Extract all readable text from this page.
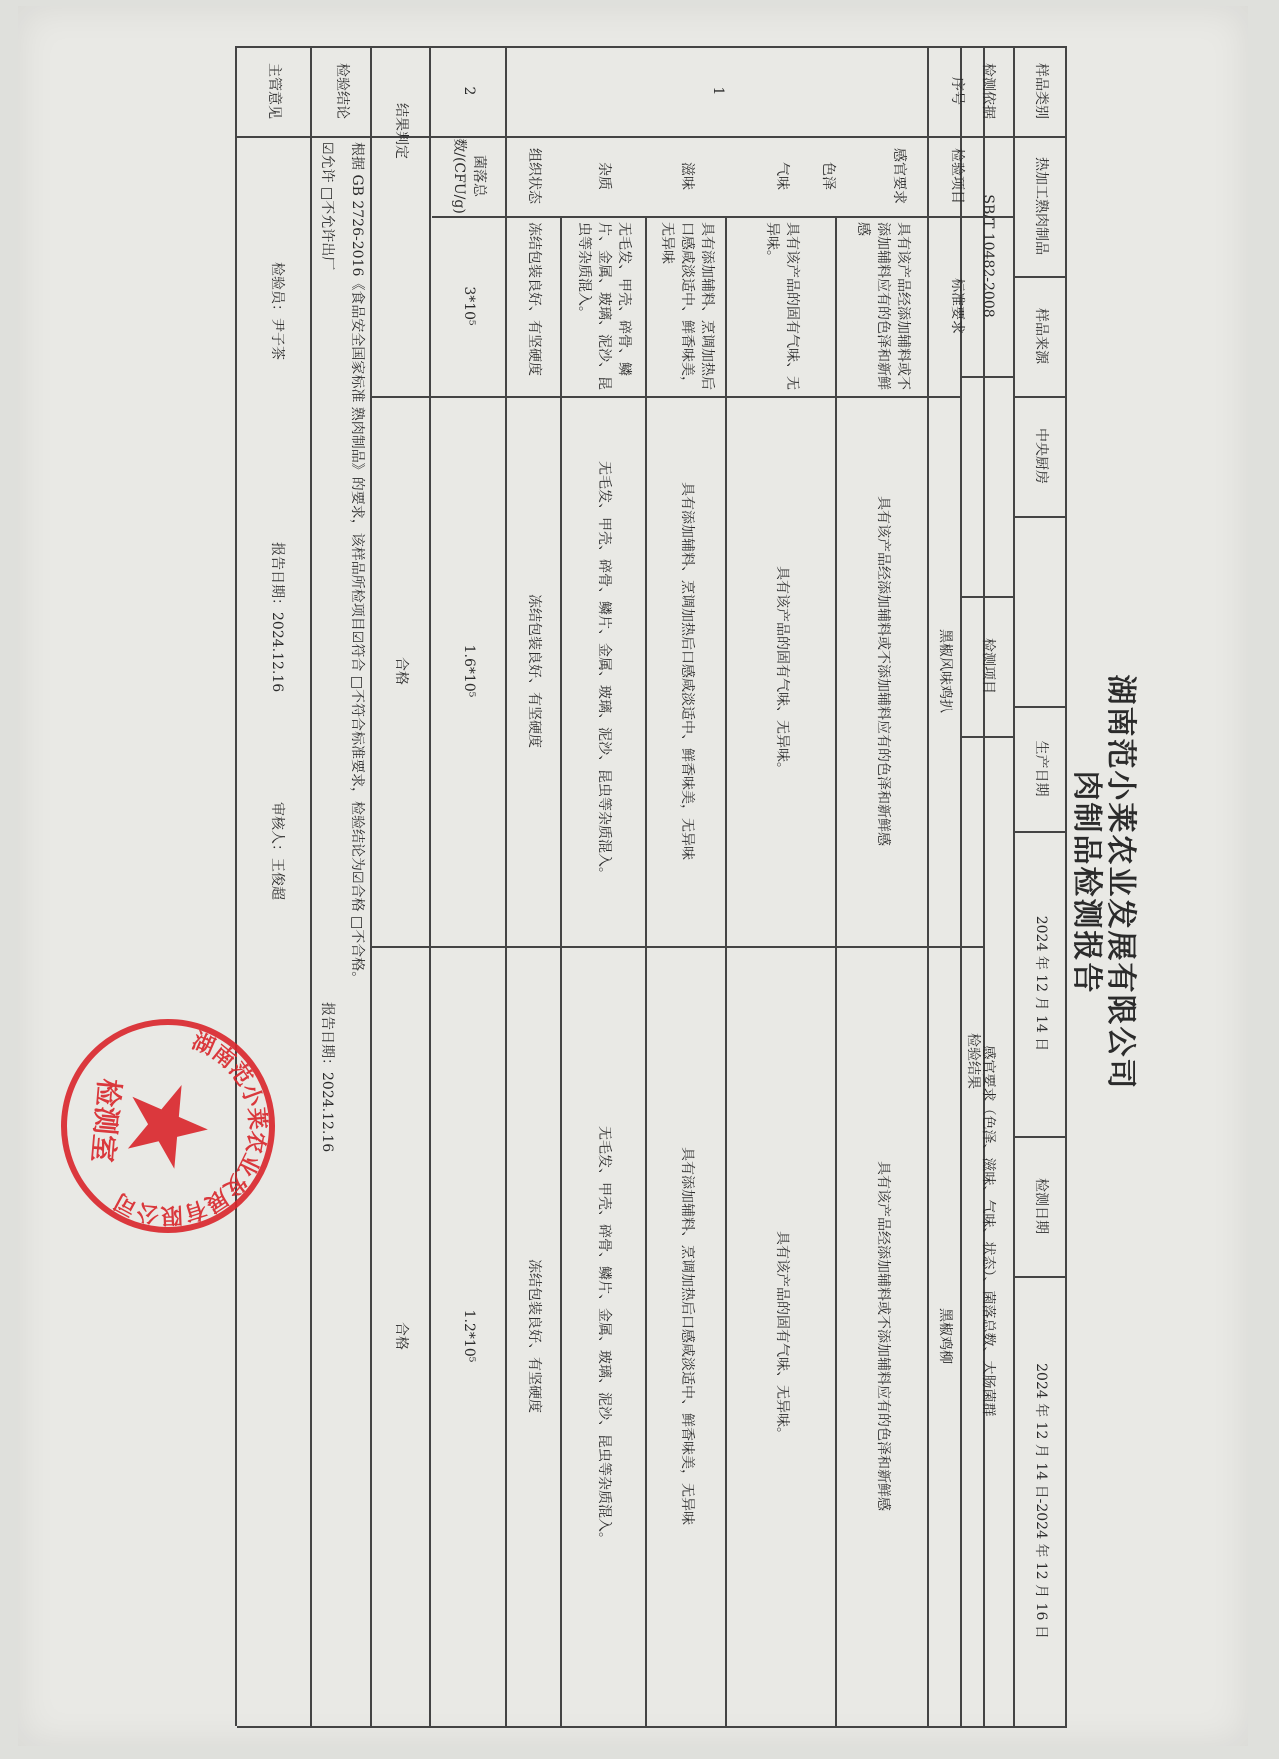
湖南范小莱农业发展有限公司
肉制品检测报告
样品类别
热加工熟肉制品
样品来源
中央厨房
生产日期
2024 年 12 月 14 日
检测日期
2024 年 12 月 14 日-2024 年 12 月 16 日
检测依据
SB/T 10482-2008
检测项目
感官要求（色泽、滋味、气味、状态）、菌落总数、大肠菌群
序号
检验项目
标准要求
检验结果
黑椒风味鸡扒
黑椒鸡柳
1
感官要求
色泽
具有该产品经添加辅料或不添加辅料应有的色泽和新鲜感
具有该产品经添加辅料或不添加辅料应有的色泽和新鲜感
具有该产品经添加辅料或不添加辅料应有的色泽和新鲜感
气味
具有该产品的固有气味、无异味。
具有该产品的固有气味、无异味。
具有该产品的固有气味、无异味。
滋味
具有添加辅料、烹调加热后口感咸淡适中、鲜香味美，无异味
具有添加辅料、烹调加热后口感咸淡适中、鲜香味美，无异味
具有添加辅料、烹调加热后口感咸淡适中、鲜香味美，无异味
杂质
无毛发、甲壳、碎骨、鳞片、金属、玻璃、泥沙、昆虫等杂质混入。
无毛发、甲壳、碎骨、鳞片、金属、玻璃、泥沙、昆虫等杂质混入。
无毛发、甲壳、碎骨、鳞片、金属、玻璃、泥沙、昆虫等杂质混入。
组织状态
冻结包装良好、有坚硬度
冻结包装良好、有坚硬度
冻结包装良好、有坚硬度
2
菌落总数/(CFU/g)
3*10⁵
1.6*10⁵
1.2*10⁵
结果判定
合格
合格
检验结论
根据 GB 2726-2016《食品安全国家标准 熟肉制品》的要求，该样品所检项目☑符合 □不符合标准要求，检验结论为☑合格 □不合格。
☑允许 □不允许出厂
报告日期：2024.12.16
主管意见
检验员：尹子茶
报告日期：2024.12.16
审核人：王俊超
湖南范小莱农业发展有限公司
检测室
